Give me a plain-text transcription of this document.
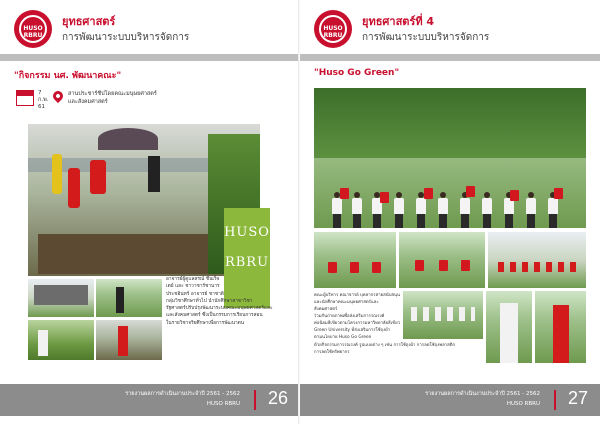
HUSO RBRU
ยุทธศาสตร์
การพัฒนาระบบบริหารจัดการ
"กิจกรรม นศ. พัฒนาคณะ"
7 ก.พ. 61
สานประชาร์ชีปโดยคณะมนุษยศาสตร์และสังคมศาสตร์
HUSO
RBRU
อาจารย์ผู้ดูแลสรณ์ ชีนเร็จ
เตย์ และ ชาวาชาร์ชานาร
ประชอินทร์ อาจารย์ ชาชาติ
กลุ่มวิชาศึกษาทั่วไป นำนักศึกษาสาขาวิชา
รัฐศาสตร์ปรับปรุงพัฒนาระบบคณะมนุษยศาสตร์และ
และสังคมศาสตร์ ซึ่งเป็นกรรมการเรียนการสอน
ในรายวิชาจริยศึกษาเพื่อการพัฒนาตน
รายงานผลการดำเนินงานประจำปี 2561 - 2562
HUSO RBRU 26
HUSO RBRU
ยุทธศาสตร์ที่ 4
การพัฒนาระบบบริหารจัดการ
"Huso Go Green"
คณะผู้บริหาร คณาจารย์ บุคลากรสายสนับสนุน
และนักศึกษาคณะมนุษยศาสตร์และสังคมศาสตร์
ร่วมกันถ่ายภาพเพื่อส่งเสริมการรณรงค์
ค่อนิยมสีเขียวตามโครงการมหาวิทยาลัยสีเขียว
Green University ที่ส่งเสริมการใช้ถุงผ้า
ตามนโยบาย Huso Go Green
ด้วยกิจกรรมการรณรงค์ รูปแบบต่าง ๆ เช่น การใช้ถุงผ้า การลดใช้ถุงพลาสติก
การลดใช้ทรัพยากร
รายงานผลการดำเนินงานประจำปี 2561 - 2562
HUSO RBRU 27
